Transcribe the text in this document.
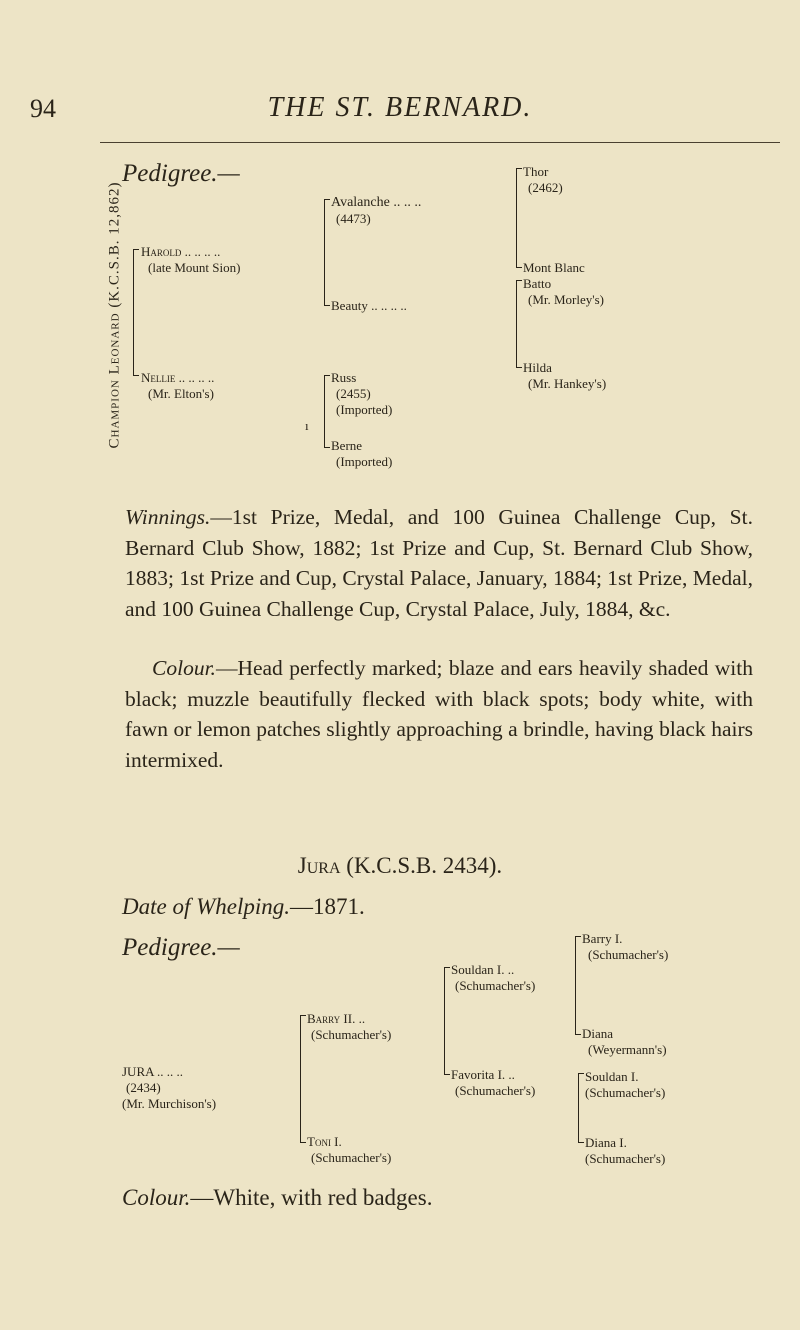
94	THE ST. BERNARD.
Pedigree.—
Champion Leonard (K.C.S.B. 12,862) Harold .. .. .. ..
(late Mount Sion)
Nellie .. .. .. ..
(Mr. Elton's)
ı
Avalanche .. .. ..
(4473)
Beauty .. .. .. ..
Russ
(2455)
(Imported)
Berne
(Imported)
Thor
(2462)
Mont Blanc
Batto
(Mr. Morley's)
Hilda
(Mr. Hankey's)
Winnings.—1st Prize, Medal, and 100 Guinea Challenge Cup, St. Bernard Club Show, 1882; 1st Prize and Cup, St. Bernard Club Show, 1883; 1st Prize and Cup, Crystal Palace, January, 1884; 1st Prize, Medal, and 100 Guinea Challenge Cup, Crystal Palace, July, 1884, &c.
Colour.—Head perfectly marked; blaze and ears heavily shaded with black; muzzle beautifully flecked with black spots; body white, with fawn or lemon patches slightly approaching a brindle, having black hairs intermixed.
Jura (K.C.S.B. 2434).
Date of Whelping.—1871.
Pedigree.—
JURA .. .. ..
(2434)
(Mr. Murchison's)
Barry II. ..
(Schumacher's)
Toni I.
(Schumacher's)
Souldan I. ..
(Schumacher's)
Favorita I. ..
(Schumacher's)
Barry I.
(Schumacher's)
Diana
(Weyermann's)
Souldan I.
(Schumacher's)
Diana I.
(Schumacher's)
Colour.—White, with red badges.
